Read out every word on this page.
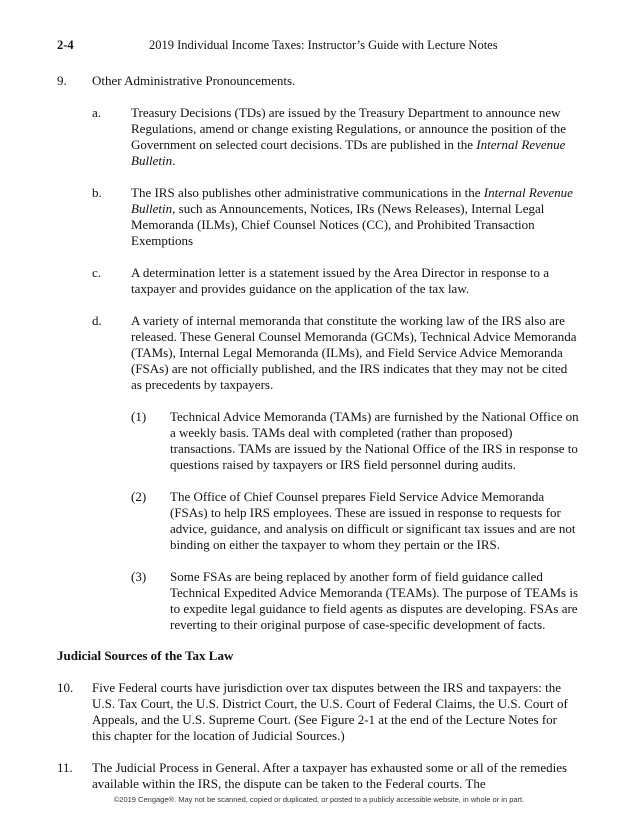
2-4	2019 Individual Income Taxes: Instructor’s Guide with Lecture Notes
9. Other Administrative Pronouncements.
a. Treasury Decisions (TDs) are issued by the Treasury Department to announce new Regulations, amend or change existing Regulations, or announce the position of the Government on selected court decisions. TDs are published in the Internal Revenue Bulletin.
b. The IRS also publishes other administrative communications in the Internal Revenue Bulletin, such as Announcements, Notices, IRs (News Releases), Internal Legal Memoranda (ILMs), Chief Counsel Notices (CC), and Prohibited Transaction Exemptions
c. A determination letter is a statement issued by the Area Director in response to a taxpayer and provides guidance on the application of the tax law.
d. A variety of internal memoranda that constitute the working law of the IRS also are released. These General Counsel Memoranda (GCMs), Technical Advice Memoranda (TAMs), Internal Legal Memoranda (ILMs), and Field Service Advice Memoranda (FSAs) are not officially published, and the IRS indicates that they may not be cited as precedents by taxpayers.
(1) Technical Advice Memoranda (TAMs) are furnished by the National Office on a weekly basis. TAMs deal with completed (rather than proposed) transactions. TAMs are issued by the National Office of the IRS in response to questions raised by taxpayers or IRS field personnel during audits.
(2) The Office of Chief Counsel prepares Field Service Advice Memoranda (FSAs) to help IRS employees. These are issued in response to requests for advice, guidance, and analysis on difficult or significant tax issues and are not binding on either the taxpayer to whom they pertain or the IRS.
(3) Some FSAs are being replaced by another form of field guidance called Technical Expedited Advice Memoranda (TEAMs). The purpose of TEAMs is to expedite legal guidance to field agents as disputes are developing. FSAs are reverting to their original purpose of case-specific development of facts.
Judicial Sources of the Tax Law
10. Five Federal courts have jurisdiction over tax disputes between the IRS and taxpayers: the U.S. Tax Court, the U.S. District Court, the U.S. Court of Federal Claims, the U.S. Court of Appeals, and the U.S. Supreme Court. (See Figure 2-1 at the end of the Lecture Notes for this chapter for the location of Judicial Sources.)
11. The Judicial Process in General. After a taxpayer has exhausted some or all of the remedies available within the IRS, the dispute can be taken to the Federal courts. The
©2019 Cengage®. May not be scanned, copied or duplicated, or posted to a publicly accessible website, in whole or in part.
